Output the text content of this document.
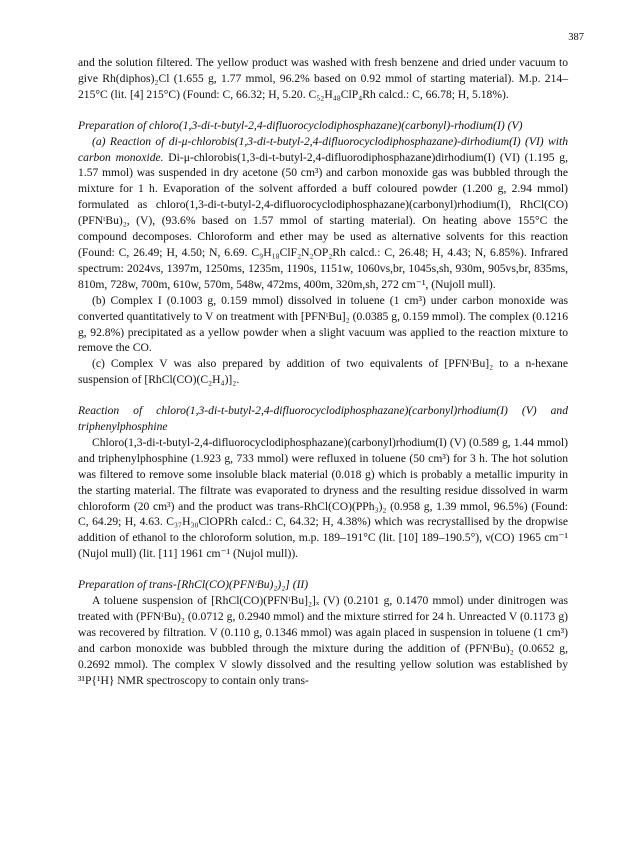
387

and the solution filtered. The yellow product was washed with fresh benzene and dried under vacuum to give Rh(diphos)₂Cl (1.655 g, 1.77 mmol, 96.2% based on 0.92 mmol of starting material). M.p. 214–215°C (lit. [4] 215°C) (Found: C, 66.32; H, 5.20. C₅₂H₄₈ClP₄Rh calcd.: C, 66.78; H, 5.18%).

Preparation of chloro(1,3-di-t-butyl-2,4-difluorocyclodiphosphazane)(carbonyl)-rhodium(I) (V)

(a) Reaction of di-μ-chlorobis(1,3-di-t-butyl-2,4-difluorocyclodiphosphazane)-dirhodium(I) (VI) with carbon monoxide. Di-μ-chlorobis(1,3-di-t-butyl-2,4-difluorodiphosphazane)dirhodium(I) (VI) (1.195 g, 1.57 mmol) was suspended in dry acetone (50 cm³) and carbon monoxide gas was bubbled through the mixture for 1 h. Evaporation of the solvent afforded a buff coloured powder (1.200 g, 2.94 mmol) formulated as chloro(1,3-di-t-butyl-2,4-difluorocyclodiphosphazane)(carbonyl)rhodium(I), RhCl(CO)(PFNᵗBu)₂, (V), (93.6% based on 1.57 mmol of starting material). On heating above 155°C the compound decomposes. Chloroform and ether may be used as alternative solvents for this reaction (Found: C, 26.49; H, 4.50; N, 6.69. C₉H₁₈ClF₂N₂OP₂Rh calcd.: C, 26.48; H, 4.43; N, 6.85%). Infrared spectrum: 2024vs, 1397m, 1250ms, 1235m, 1190s, 1151w, 1060vs,br, 1045s,sh, 930m, 905vs,br, 835ms, 810m, 728w, 700m, 610w, 570m, 548w, 472ms, 400m, 320m,sh, 272 cm⁻¹, (Nujoll mull).

(b) Complex I (0.1003 g, 0.159 mmol) dissolved in toluene (1 cm³) under carbon monoxide was converted quantitatively to V on treatment with [PFNᵗBu]₂ (0.0385 g, 0.159 mmol). The complex (0.1216 g, 92.8%) precipitated as a yellow powder when a slight vacuum was applied to the reaction mixture to remove the CO.

(c) Complex V was also prepared by addition of two equivalents of [PFNᵗBu]₂ to a n-hexane suspension of [RhCl(CO)(C₂H₄)]₂.

Reaction of chloro(1,3-di-t-butyl-2,4-difluorocyclodiphosphazane)(carbonyl)rhodium(I) (V) and triphenylphosphine

Chloro(1,3-di-t-butyl-2,4-difluorocyclodiphosphazane)(carbonyl)rhodium(I) (V) (0.589 g, 1.44 mmol) and triphenylphosphine (1.923 g, 733 mmol) were refluxed in toluene (50 cm³) for 3 h. The hot solution was filtered to remove some insoluble black material (0.018 g) which is probably a metallic impurity in the starting material. The filtrate was evaporated to dryness and the resulting residue dissolved in warm chloroform (20 cm³) and the product was trans-RhCl(CO)(PPh₃)₂ (0.958 g, 1.39 mmol, 96.5%) (Found: C, 64.29; H, 4.63. C₃₇H₃₀ClOPRh calcd.: C, 64.32; H, 4.38%) which was recrystallised by the dropwise addition of ethanol to the chloroform solution, m.p. 189–191°C (lit. [10] 189–190.5°), ν(CO) 1965 cm⁻¹ (Nujol mull) (lit. [11] 1961 cm⁻¹ (Nujol mull)).

Preparation of trans-[RhCl(CO)(PFNᵗBu)₂)₂] (II)

A toluene suspension of [RhCl(CO)(PFNᵗBu]₂]ₓ (V) (0.2101 g, 0.1470 mmol) under dinitrogen was treated with (PFNᵗBu)₂ (0.0712 g, 0.2940 mmol) and the mixture stirred for 24 h. Unreacted V (0.1173 g) was recovered by filtration. V (0.110 g, 0.1346 mmol) was again placed in suspension in toluene (1 cm³) and carbon monoxide was bubbled through the mixture during the addition of (PFNᵗBu)₂ (0.0652 g, 0.2692 mmol). The complex V slowly dissolved and the resulting yellow solution was established by ³¹P{¹H} NMR spectroscopy to contain only trans-
